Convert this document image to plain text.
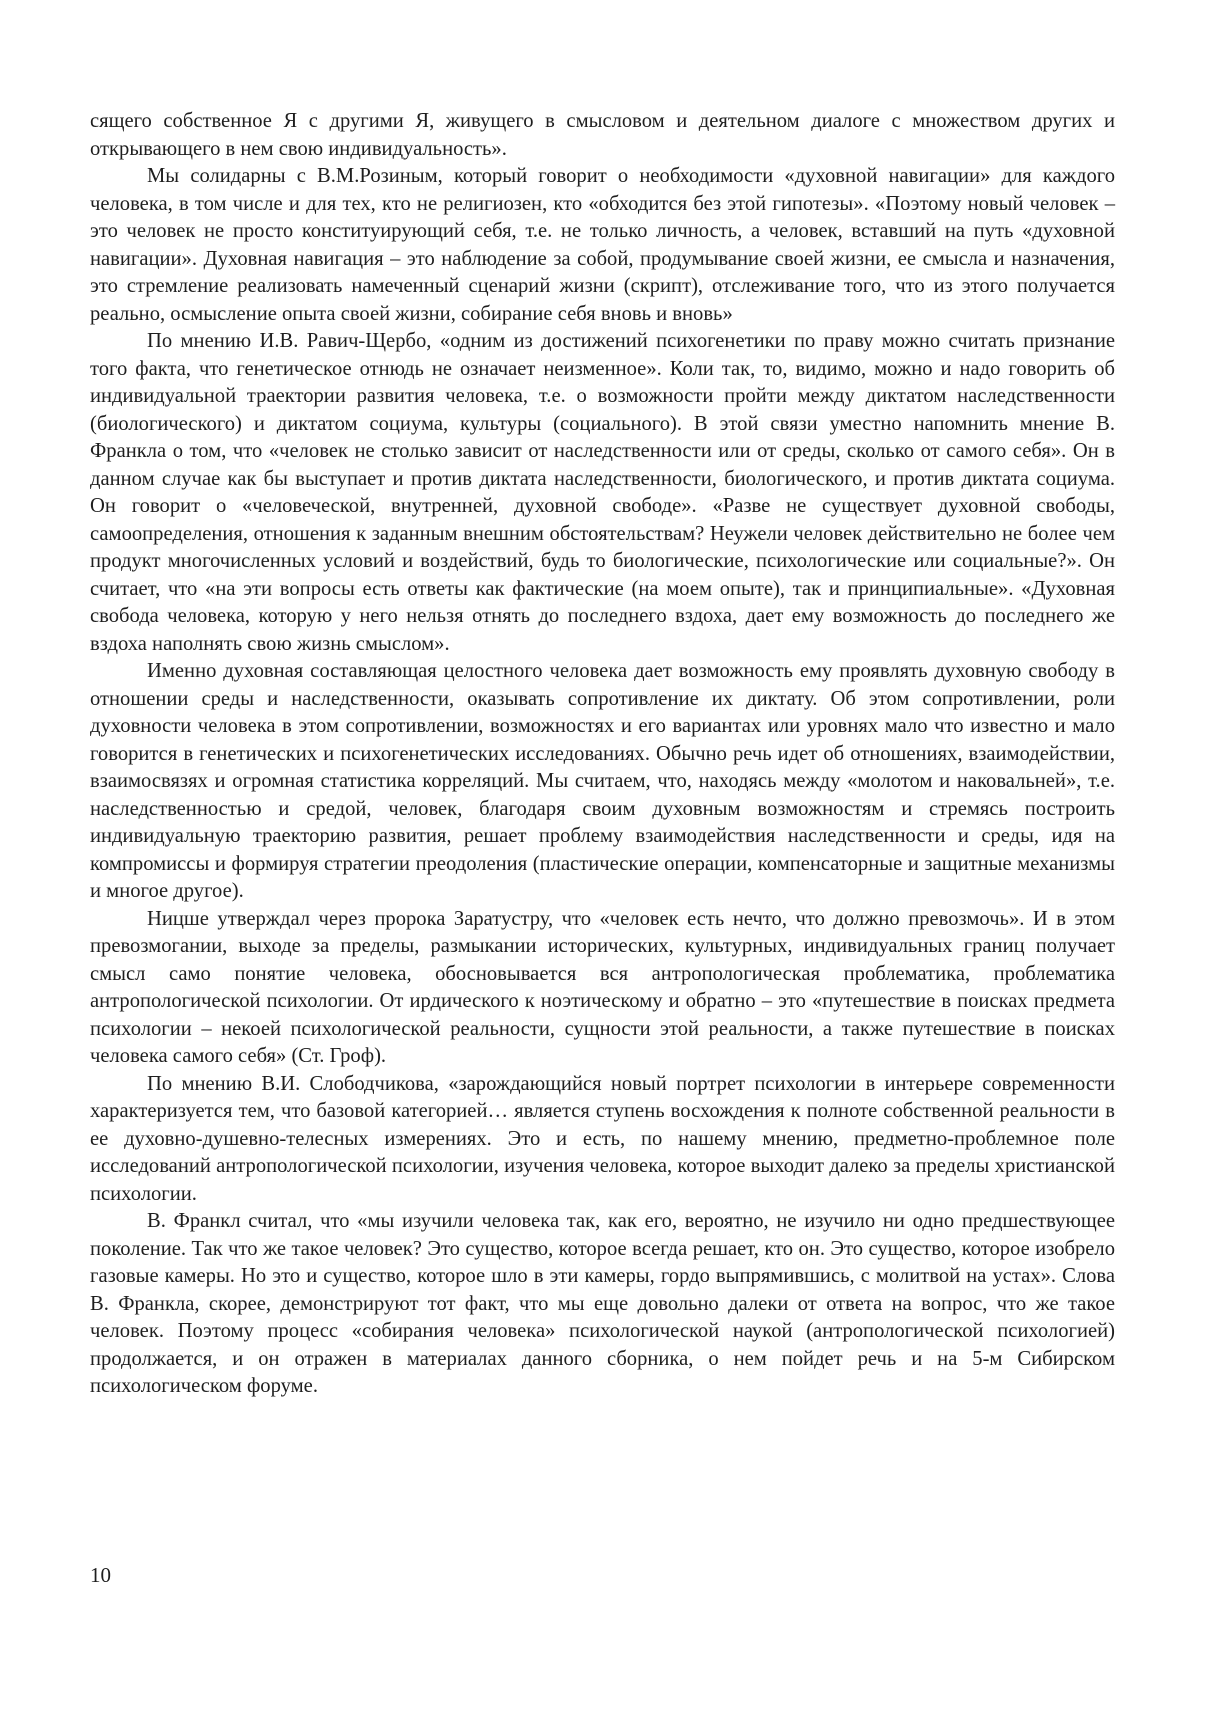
сящего собственное Я с другими Я, живущего в смысловом и деятельном диалоге с множеством других и открывающего в нем свою индивидуальность».

Мы солидарны с В.М.Розиным, который говорит о необходимости «духовной навигации» для каждого человека, в том числе и для тех, кто не религиозен, кто «обходится без этой гипотезы». «Поэтому новый человек – это человек не просто конституирующий себя, т.е. не только личность, а человек, вставший на путь «духовной навигации». Духовная навигация – это наблюдение за собой, продумывание своей жизни, ее смысла и назначения, это стремление реализовать намеченный сценарий жизни (скрипт), отслеживание того, что из этого получается реально, осмысление опыта своей жизни, собирание себя вновь и вновь»

По мнению И.В. Равич-Щербо, «одним из достижений психогенетики по праву можно считать признание того факта, что генетическое отнюдь не означает неизменное». Коли так, то, видимо, можно и надо говорить об индивидуальной траектории развития человека, т.е. о возможности пройти между диктатом наследственности (биологического) и диктатом социума, культуры (социального). В этой связи уместно напомнить мнение В. Франкла о том, что «человек не столько зависит от наследственности или от среды, сколько от самого себя». Он в данном случае как бы выступает и против диктата наследственности, биологического, и против диктата социума. Он говорит о «человеческой, внутренней, духовной свободе». «Разве не существует духовной свободы, самоопределения, отношения к заданным внешним обстоятельствам? Неужели человек действительно не более чем продукт многочисленных условий и воздействий, будь то биологические, психологические или социальные?». Он считает, что «на эти вопросы есть ответы как фактические (на моем опыте), так и принципиальные». «Духовная свобода человека, которую у него нельзя отнять до последнего вздоха, дает ему возможность до последнего же вздоха наполнять свою жизнь смыслом».

Именно духовная составляющая целостного человека дает возможность ему проявлять духовную свободу в отношении среды и наследственности, оказывать сопротивление их диктату. Об этом сопротивлении, роли духовности человека в этом сопротивлении, возможностях и его вариантах или уровнях мало что известно и мало говорится в генетических и психогенетических исследованиях. Обычно речь идет об отношениях, взаимодействии, взаимосвязях и огромная статистика корреляций. Мы считаем, что, находясь между «молотом и наковальней», т.е. наследственностью и средой, человек, благодаря своим духовным возможностям и стремясь построить индивидуальную траекторию развития, решает проблему взаимодействия наследственности и среды, идя на компромиссы и формируя стратегии преодоления (пластические операции, компенсаторные и защитные механизмы и многое другое).

Ницше утверждал через пророка Заратустру, что «человек есть нечто, что должно превозмочь». И в этом превозмогании, выходе за пределы, размыкании исторических, культурных, индивидуальных границ получает смысл само понятие человека, обосновывается вся антропологическая проблематика, проблематика антропологической психологии. От ирдического к ноэтическому и обратно – это «путешествие в поисках предмета психологии – некоей психологической реальности, сущности этой реальности, а также путешествие в поисках человека самого себя» (Ст. Гроф).

По мнению В.И. Слободчикова, «зарождающийся новый портрет психологии в интерьере современности характеризуется тем, что базовой категорией… является ступень восхождения к полноте собственной реальности в ее духовно-душевно-телесных измерениях. Это и есть, по нашему мнению, предметно-проблемное поле исследований антропологической психологии, изучения человека, которое выходит далеко за пределы христианской психологии.

В. Франкл считал, что «мы изучили человека так, как его, вероятно, не изучило ни одно предшествующее поколение. Так что же такое человек? Это существо, которое всегда решает, кто он. Это существо, которое изобрело газовые камеры. Но это и существо, которое шло в эти камеры, гордо выпрямившись, с молитвой на устах». Слова В. Франкла, скорее, демонстрируют тот факт, что мы еще довольно далеки от ответа на вопрос, что же такое человек. Поэтому процесс «собирания человека» психологической наукой (антропологической психологией) продолжается, и он отражен в материалах данного сборника, о нем пойдет речь и на 5-м Сибирском психологическом форуме.

10
